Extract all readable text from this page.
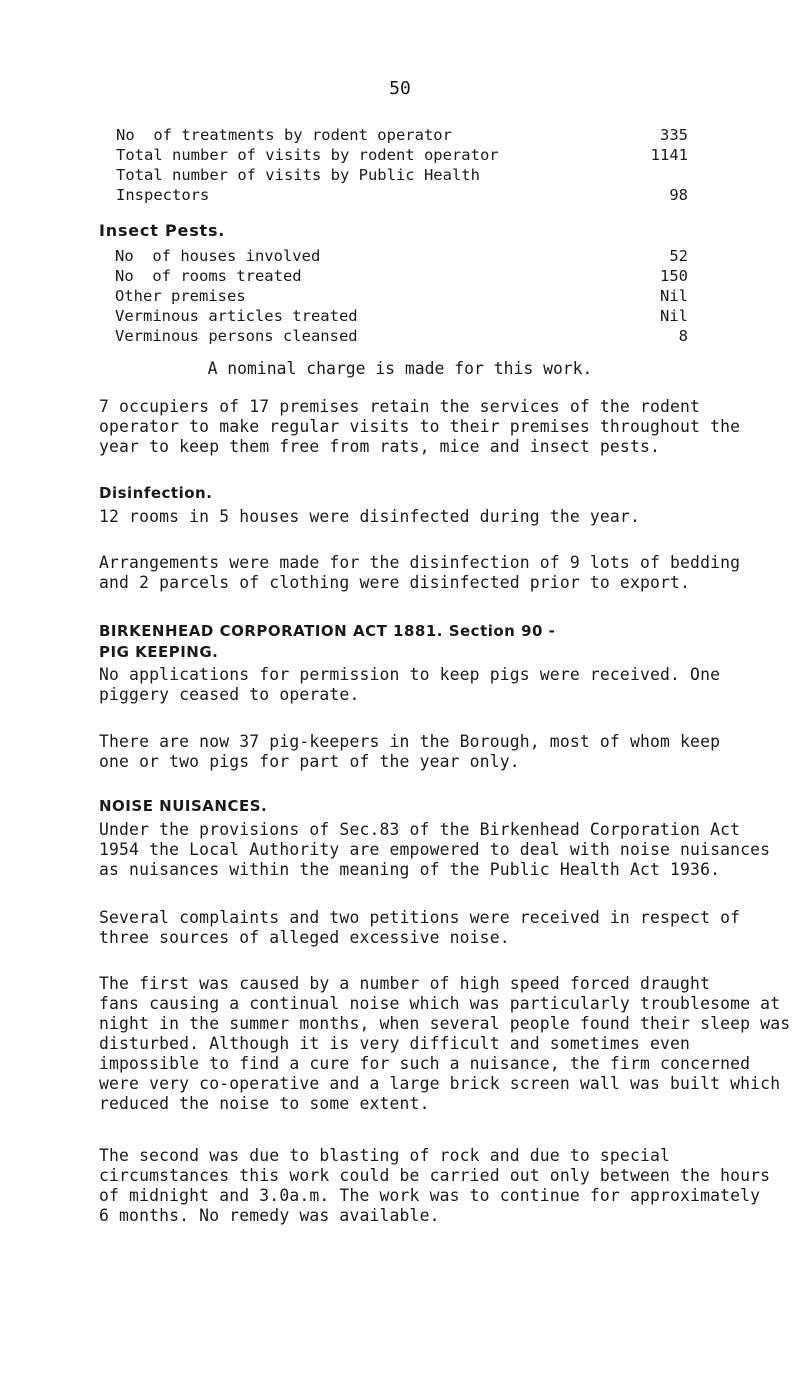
50
No  of treatments by rodent operator	335
Total number of visits by rodent operator	1141
Total number of visits by Public Health
Inspectors	98
Insect Pests.
No  of houses involved	52
No  of rooms treated	150
Other premises	Nil
Verminous articles treated	Nil
Verminous persons cleansed	8
A nominal charge is made for this work.
7 occupiers of 17 premises retain the services of the rodent
operator to make regular visits to their premises throughout the
year to keep them free from rats, mice and insect pests.
Disinfection.
12 rooms in 5 houses were disinfected during the year.
Arrangements were made for the disinfection of 9 lots of bedding
and 2 parcels of clothing were disinfected prior to export.
BIRKENHEAD CORPORATION ACT 1881. Section 90 -
PIG KEEPING.
No applications for permission to keep pigs were received. One
piggery ceased to operate.
There are now 37 pig-keepers in the Borough, most of whom keep
one or two pigs for part of the year only.
NOISE NUISANCES.
Under the provisions of Sec.83 of the Birkenhead Corporation Act
1954 the Local Authority are empowered to deal with noise nuisances
as nuisances within the meaning of the Public Health Act 1936.
Several complaints and two petitions were received in respect of
three sources of alleged excessive noise.
The first was caused by a number of high speed forced draught
fans causing a continual noise which was particularly troublesome at
night in the summer months, when several people found their sleep was
disturbed. Although it is very difficult and sometimes even
impossible to find a cure for such a nuisance, the firm concerned
were very co-operative and a large brick screen wall was built which
reduced the noise to some extent.
The second was due to blasting of rock and due to special
circumstances this work could be carried out only between the hours
of midnight and 3.0a.m. The work was to continue for approximately
6 months. No remedy was available.
